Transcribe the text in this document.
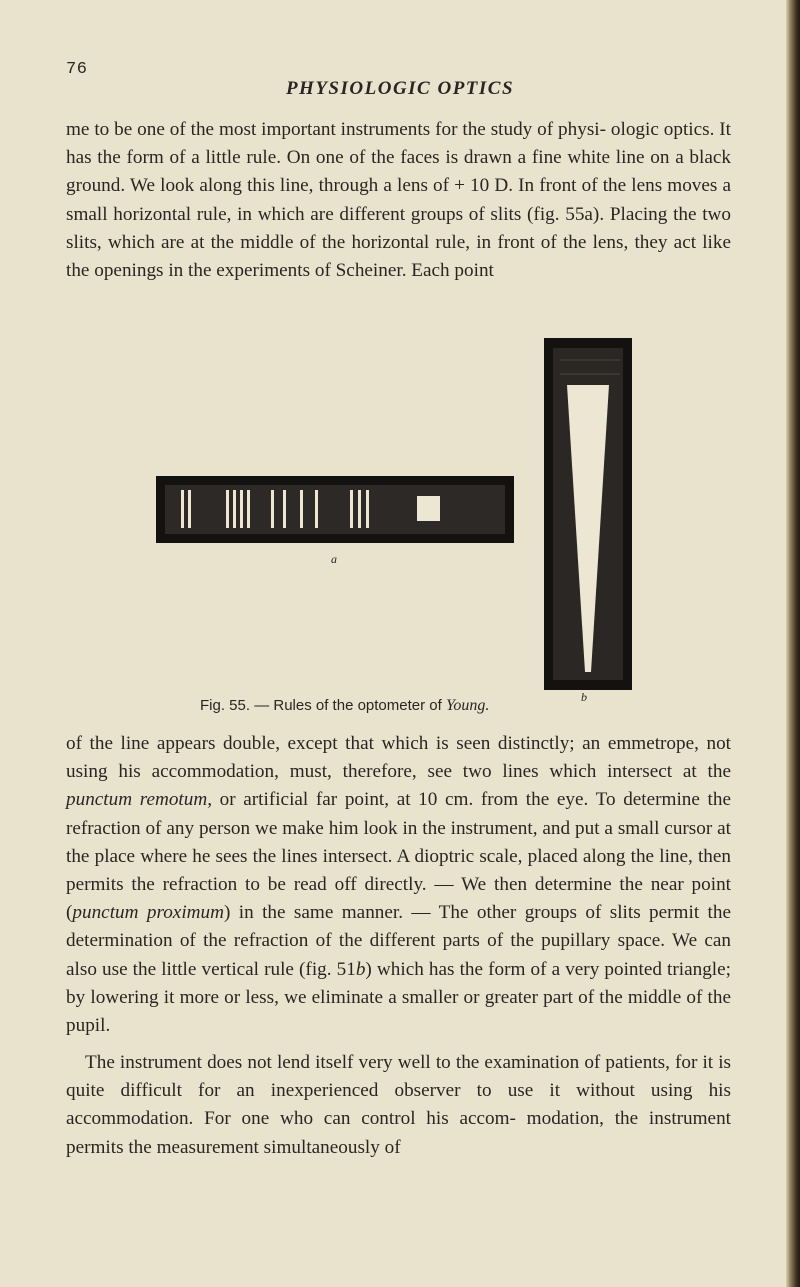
76
PHYSIOLOGIC OPTICS

me to be one of the most important instruments for the study of physi- ologic optics. It has the form of a little rule. On one of the faces is drawn a fine white line on a black ground. We look along this line, through a lens of + 10 D. In front of the lens moves a small horizontal rule, in which are different groups of slits (fig. 55a). Placing the two slits, which are at the middle of the horizontal rule, in front of the lens, they act like the openings in the experiments of Scheiner. Each point

a
b
Fig. 55. — Rules of the optometer of Young.

of the line appears double, except that which is seen distinctly; an emmetrope, not using his accommodation, must, therefore, see two lines which intersect at the punctum remotum, or artificial far point, at 10 cm. from the eye. To determine the refraction of any person we make him look in the instrument, and put a small cursor at the place where he sees the lines intersect. A dioptric scale, placed along the line, then permits the refraction to be read off directly. — We then determine the near point (punctum proximum) in the same manner. — The other groups of slits permit the determination of the refraction of the different parts of the pupillary space. We can also use the little vertical rule (fig. 51b) which has the form of a very pointed triangle; by lowering it more or less, we eliminate a smaller or greater part of the middle of the pupil.

The instrument does not lend itself very well to the examination of patients, for it is quite difficult for an inexperienced observer to use it without using his accommodation. For one who can control his accom- modation, the instrument permits the measurement simultaneously of
